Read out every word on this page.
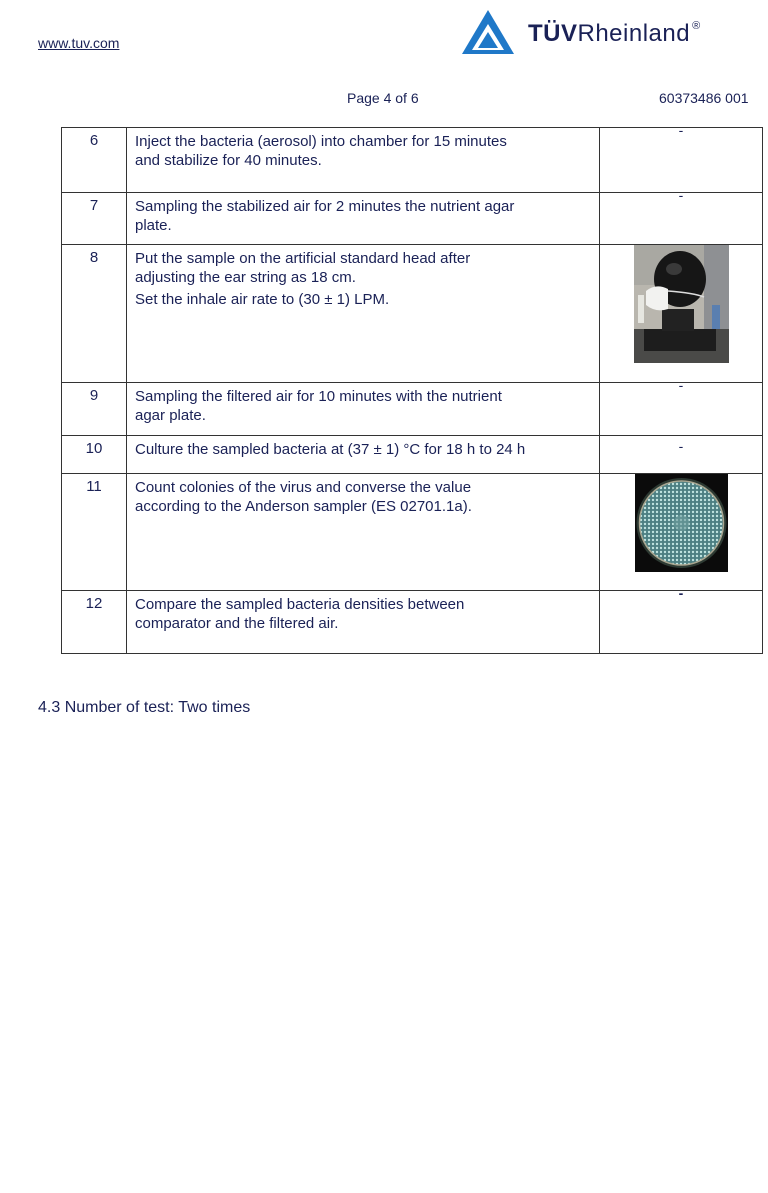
www.tuv.com	TÜVRheinland ®
Page 4 of 6	60373486 001
6	Inject the bacteria (aerosol) into chamber for 15 minutes
and stabilize for 40 minutes.	-
7	Sampling the stabilized air for 2 minutes the nutrient agar
plate.	-
8	Put the sample on the artificial standard head after
adjusting the ear string as 18 cm.
Set the inhale air rate to (30 ± 1) LPM.

9	Sampling the filtered air for 10 minutes with the nutrient
agar plate.	-
10	Culture the sampled bacteria at (37 ± 1) °C for 18 h to 24 h	-
11	Count colonies of the virus and converse the value
according to the Anderson sampler (ES 02701.1a).

12	Compare the sampled bacteria densities between
comparator and the filtered air.	-
4.3 Number of test: Two times
